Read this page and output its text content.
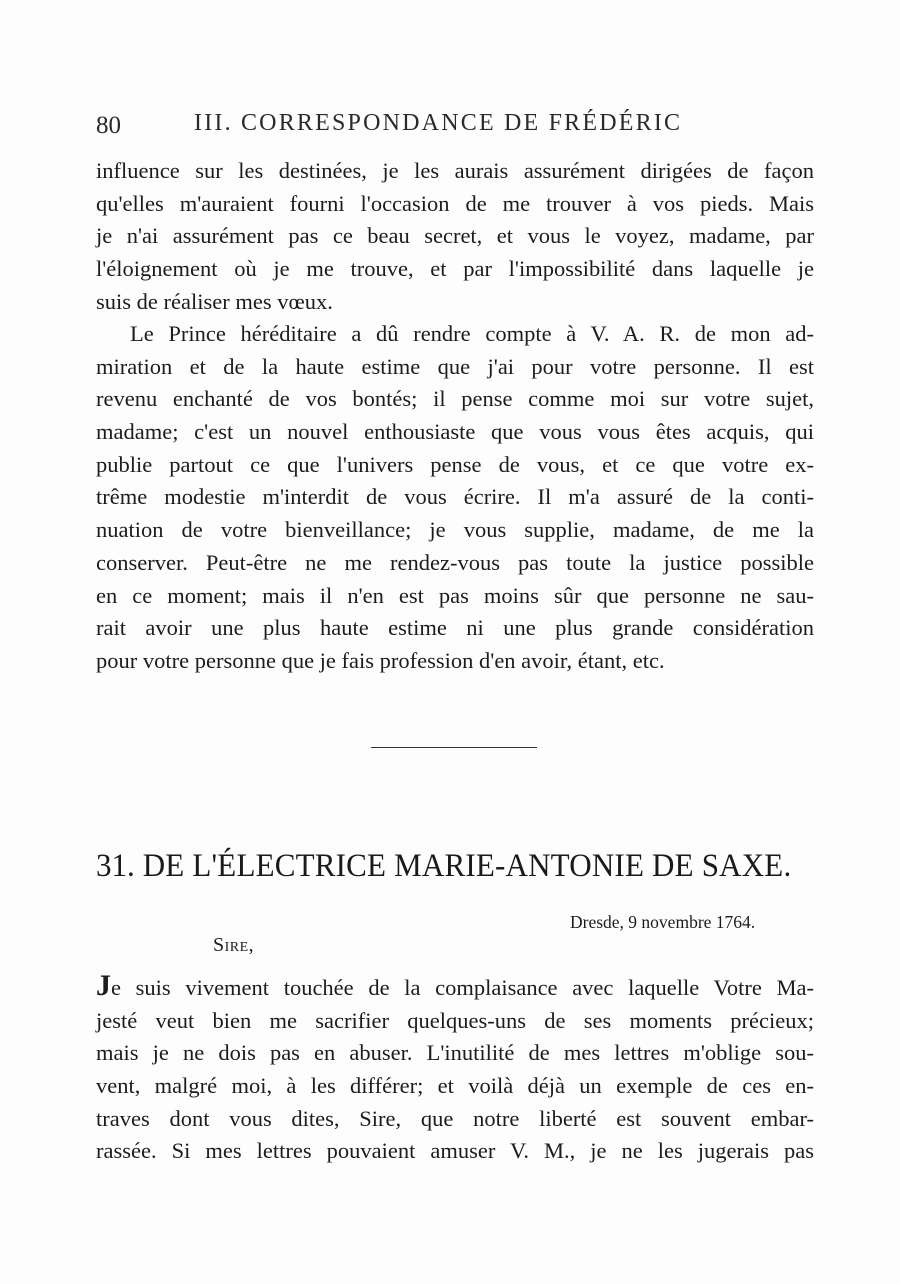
80	III. CORRESPONDANCE DE FRÉDÉRIC
influence sur les destinées, je les aurais assurément dirigées de façon
qu'elles m'auraient fourni l'occasion de me trouver à vos pieds. Mais
je n'ai assurément pas ce beau secret, et vous le voyez, madame, par
l'éloignement où je me trouve, et par l'impossibilité dans laquelle je
suis de réaliser mes vœux.
Le Prince héréditaire a dû rendre compte à V. A. R. de mon ad-
miration et de la haute estime que j'ai pour votre personne. Il est
revenu enchanté de vos bontés; il pense comme moi sur votre sujet,
madame; c'est un nouvel enthousiaste que vous vous êtes acquis, qui
publie partout ce que l'univers pense de vous, et ce que votre ex-
trême modestie m'interdit de vous écrire. Il m'a assuré de la conti-
nuation de votre bienveillance; je vous supplie, madame, de me la
conserver. Peut-être ne me rendez-vous pas toute la justice possible
en ce moment; mais il n'en est pas moins sûr que personne ne sau-
rait avoir une plus haute estime ni une plus grande considération
pour votre personne que je fais profession d'en avoir, étant, etc.
31. DE L'ÉLECTRICE MARIE-ANTONIE DE SAXE.
Dresde, 9 novembre 1764.
Sire,
Je suis vivement touchée de la complaisance avec laquelle Votre Ma-
jesté veut bien me sacrifier quelques-uns de ses moments précieux;
mais je ne dois pas en abuser. L'inutilité de mes lettres m'oblige sou-
vent, malgré moi, à les différer; et voilà déjà un exemple de ces en-
traves dont vous dites, Sire, que notre liberté est souvent embar-
rassée. Si mes lettres pouvaient amuser V. M., je ne les jugerais pas
